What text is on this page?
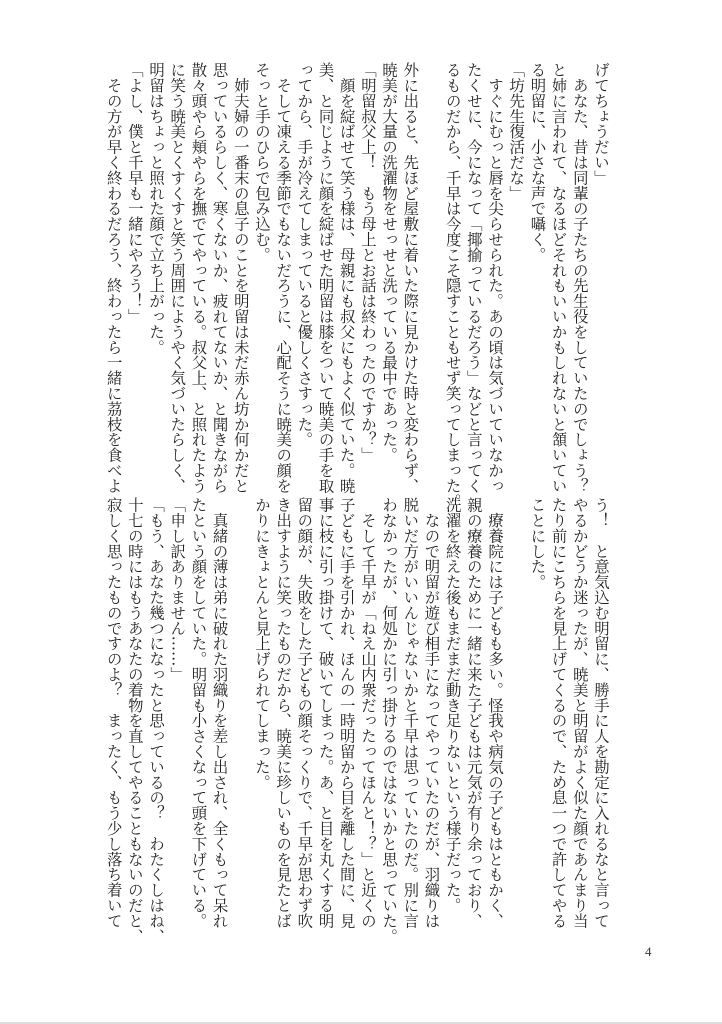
げてちょうだい」
　あなた、昔は同輩の子たちの先生役をしていたのでしょう？
と姉に言われて、なるほどそれもいいかもしれないと頷いてい
る明留に、小さな声で囁く。
「坊先生復活だな」
　すぐにむっと唇を尖らせられた。あの頃は気づいていなかっ
たくせに、今になって「揶揄っているだろう」などと言ってく
るものだから、千早は今度こそ隠すこともせず笑ってしまった。
外に出ると、先ほど屋敷に着いた際に見かけた時と変わらず、
暁美が大量の洗濯物をせっせと洗っている最中であった。
「明留叔父上！　もう母上とお話は終わったのですか？」
　顔を綻ばせて笑う様は、母親にも叔父にもよく似ていた。暁
美、と同じように顔を綻ばせた明留は膝をついて暁美の手を取
ってから、手が冷えてしまっていると優しくさすった。
　そして凍える季節でもないだろうに、心配そうに暁美の顔を
そっと手のひらで包み込む。
　姉夫婦の一番末の息子のことを明留は未だ赤ん坊か何かだと
思っているらしく、寒くないか、疲れてないか、と聞きながら
散々頭やら頬やらを撫でてやっている。叔父上、と照れたよう
に笑う暁美とくすくすと笑う周囲にようやく気づいたらしく、
明留はちょっと照れた顔で立ち上がった。
「よし、僕と千早も一緒にやろう！」
　その方が早く終わるだろう、終わったら一緒に茘枝を食べよ
う！　と意気込む明留に、勝手に人を勘定に入れるなと言って
やるかどうか迷ったが、暁美と明留がよく似た顔であんまり当
たり前にこちらを見上げてくるので、ため息一つで許してやる
ことにした。
　療養院には子どもも多い。怪我や病気の子どもはともかく、
親の療養のために一緒に来た子どもは元気が有り余っており、
洗濯を終えた後もまだまだ動き足りないという様子だった。
　なので明留が遊び相手になってやっていたのだが、羽織りは
脱いだ方がいいんじゃないかと千早は思っていたのだ。別に言
わなかったが、何処かに引っ掛けるのではないかと思っていた。
　そして千早が「ねえ山内衆だったってほんと！？」と近くの
子どもに手を引かれ、ほんの一時明留から目を離した間に、見
事に枝に引っ掛けて、破いてしまった。あ、と目を丸くする明
留の顔が、失敗をした子どもの顔そっくりで、千早が思わず吹
き出すように笑ったものだから、暁美に珍しいものを見たとば
かりにきょとんと見上げられてしまった。
　真緒の薄は弟に破れた羽織りを差し出され、全くもって呆れ
たという顔をしていた。明留も小さくなって頭を下げている。
「申し訳ありません……」
「もう、あなた幾つになったと思っているの？　わたくしはね、
十七の時にはもうあなたの着物を直してやることもないのだと、
寂しく思ったものですのよ？　まったく、もう少し落ち着いて
4
